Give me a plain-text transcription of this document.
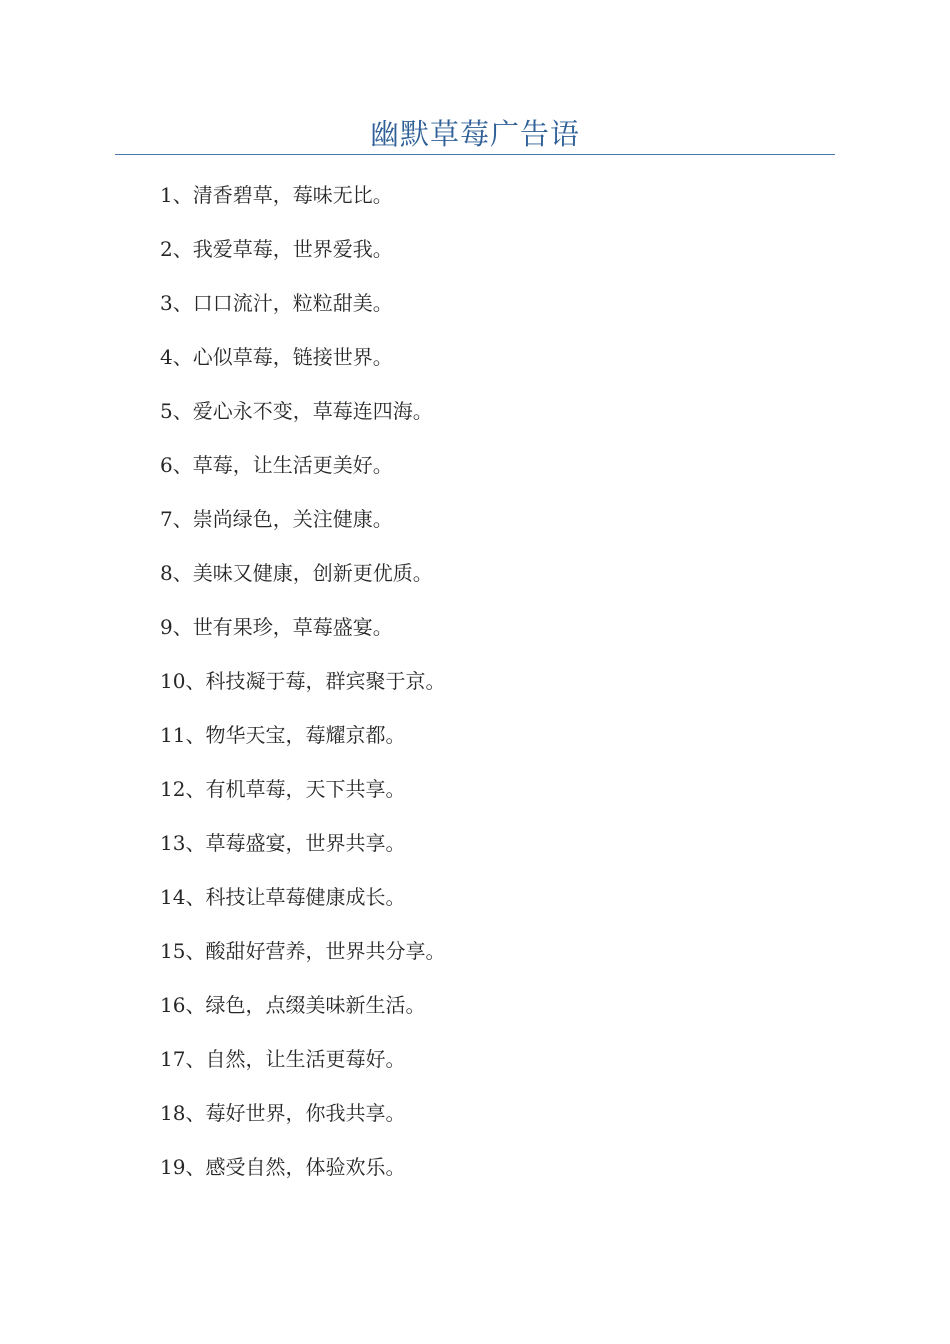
幽默草莓广告语
1、清香碧草，莓味无比。
2、我爱草莓，世界爱我。
3、口口流汁，粒粒甜美。
4、心似草莓，链接世界。
5、爱心永不变，草莓连四海。
6、草莓，让生活更美好。
7、崇尚绿色，关注健康。
8、美味又健康，创新更优质。
9、世有果珍，草莓盛宴。
10、科技凝于莓，群宾聚于京。
11、物华天宝，莓耀京都。
12、有机草莓，天下共享。
13、草莓盛宴，世界共享。
14、科技让草莓健康成长。
15、酸甜好营养，世界共分享。
16、绿色，点缀美味新生活。
17、自然，让生活更莓好。
18、莓好世界，你我共享。
19、感受自然，体验欢乐。
